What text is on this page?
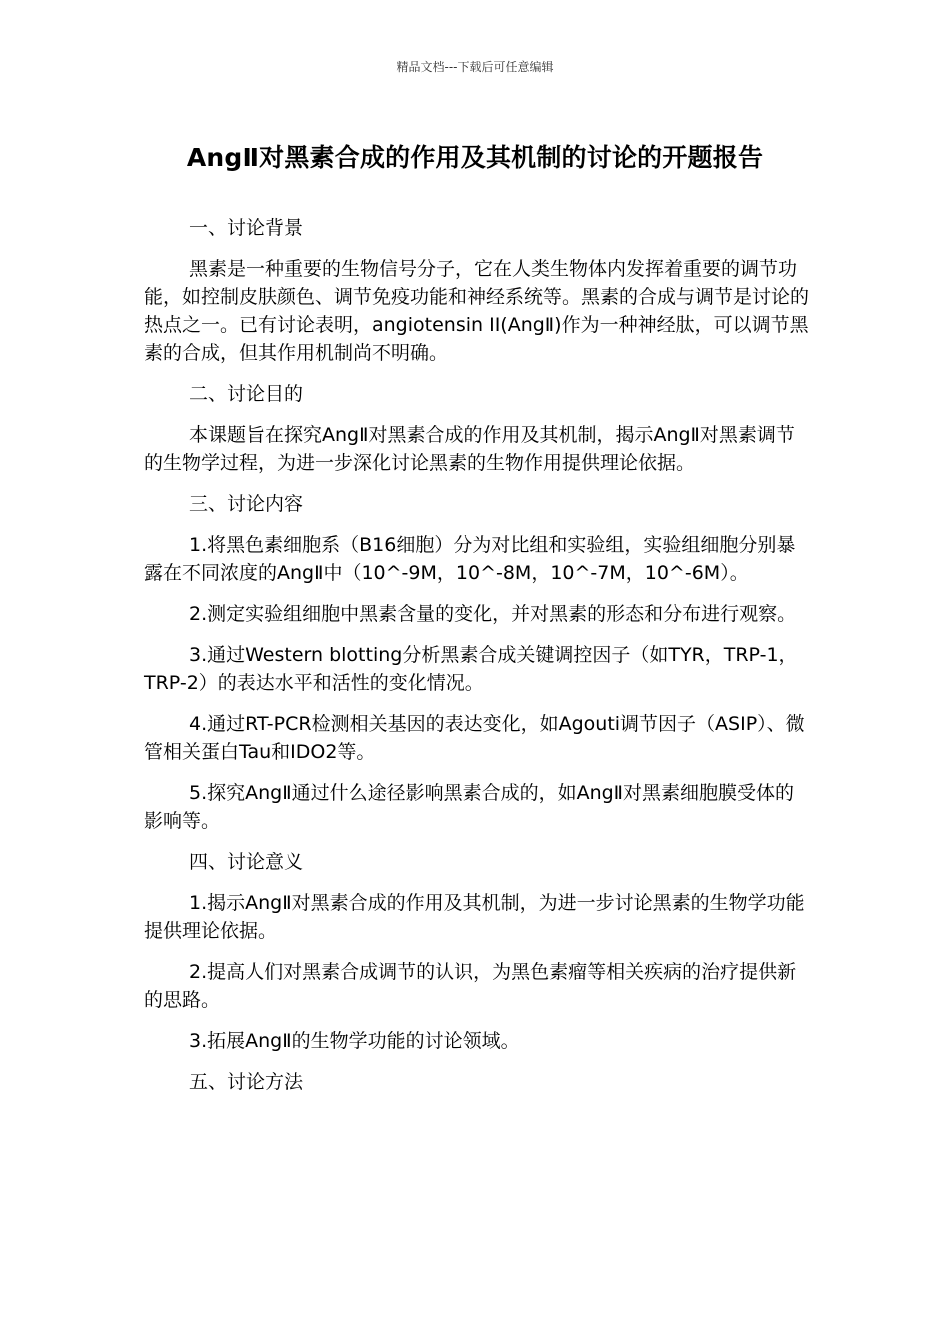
精品文档---下载后可任意编辑
AngⅡ对黑素合成的作用及其机制的讨论的开题报告

一、讨论背景

黑素是一种重要的生物信号分子，它在人类生物体内发挥着重要的调节功能，如控制皮肤颜色、调节免疫功能和神经系统等。黑素的合成与调节是讨论的热点之一。已有讨论表明，angiotensin II(AngⅡ)作为一种神经肽，可以调节黑素的合成，但其作用机制尚不明确。

二、讨论目的

本课题旨在探究AngⅡ对黑素合成的作用及其机制，揭示AngⅡ对黑素调节的生物学过程，为进一步深化讨论黑素的生物作用提供理论依据。

三、讨论内容

1.将黑色素细胞系（B16细胞）分为对比组和实验组，实验组细胞分别暴露在不同浓度的AngⅡ中（10^-9M，10^-8M，10^-7M，10^-6M）。

2.测定实验组细胞中黑素含量的变化，并对黑素的形态和分布进行观察。

3.通过Western blotting分析黑素合成关键调控因子（如TYR，TRP-1，TRP-2）的表达水平和活性的变化情况。

4.通过RT-PCR检测相关基因的表达变化，如Agouti调节因子（ASIP）、微管相关蛋白Tau和IDO2等。

5.探究AngⅡ通过什么途径影响黑素合成的，如AngⅡ对黑素细胞膜受体的影响等。

四、讨论意义

1.揭示AngⅡ对黑素合成的作用及其机制，为进一步讨论黑素的生物学功能提供理论依据。

2.提高人们对黑素合成调节的认识，为黑色素瘤等相关疾病的治疗提供新的思路。

3.拓展AngⅡ的生物学功能的讨论领域。

五、讨论方法
